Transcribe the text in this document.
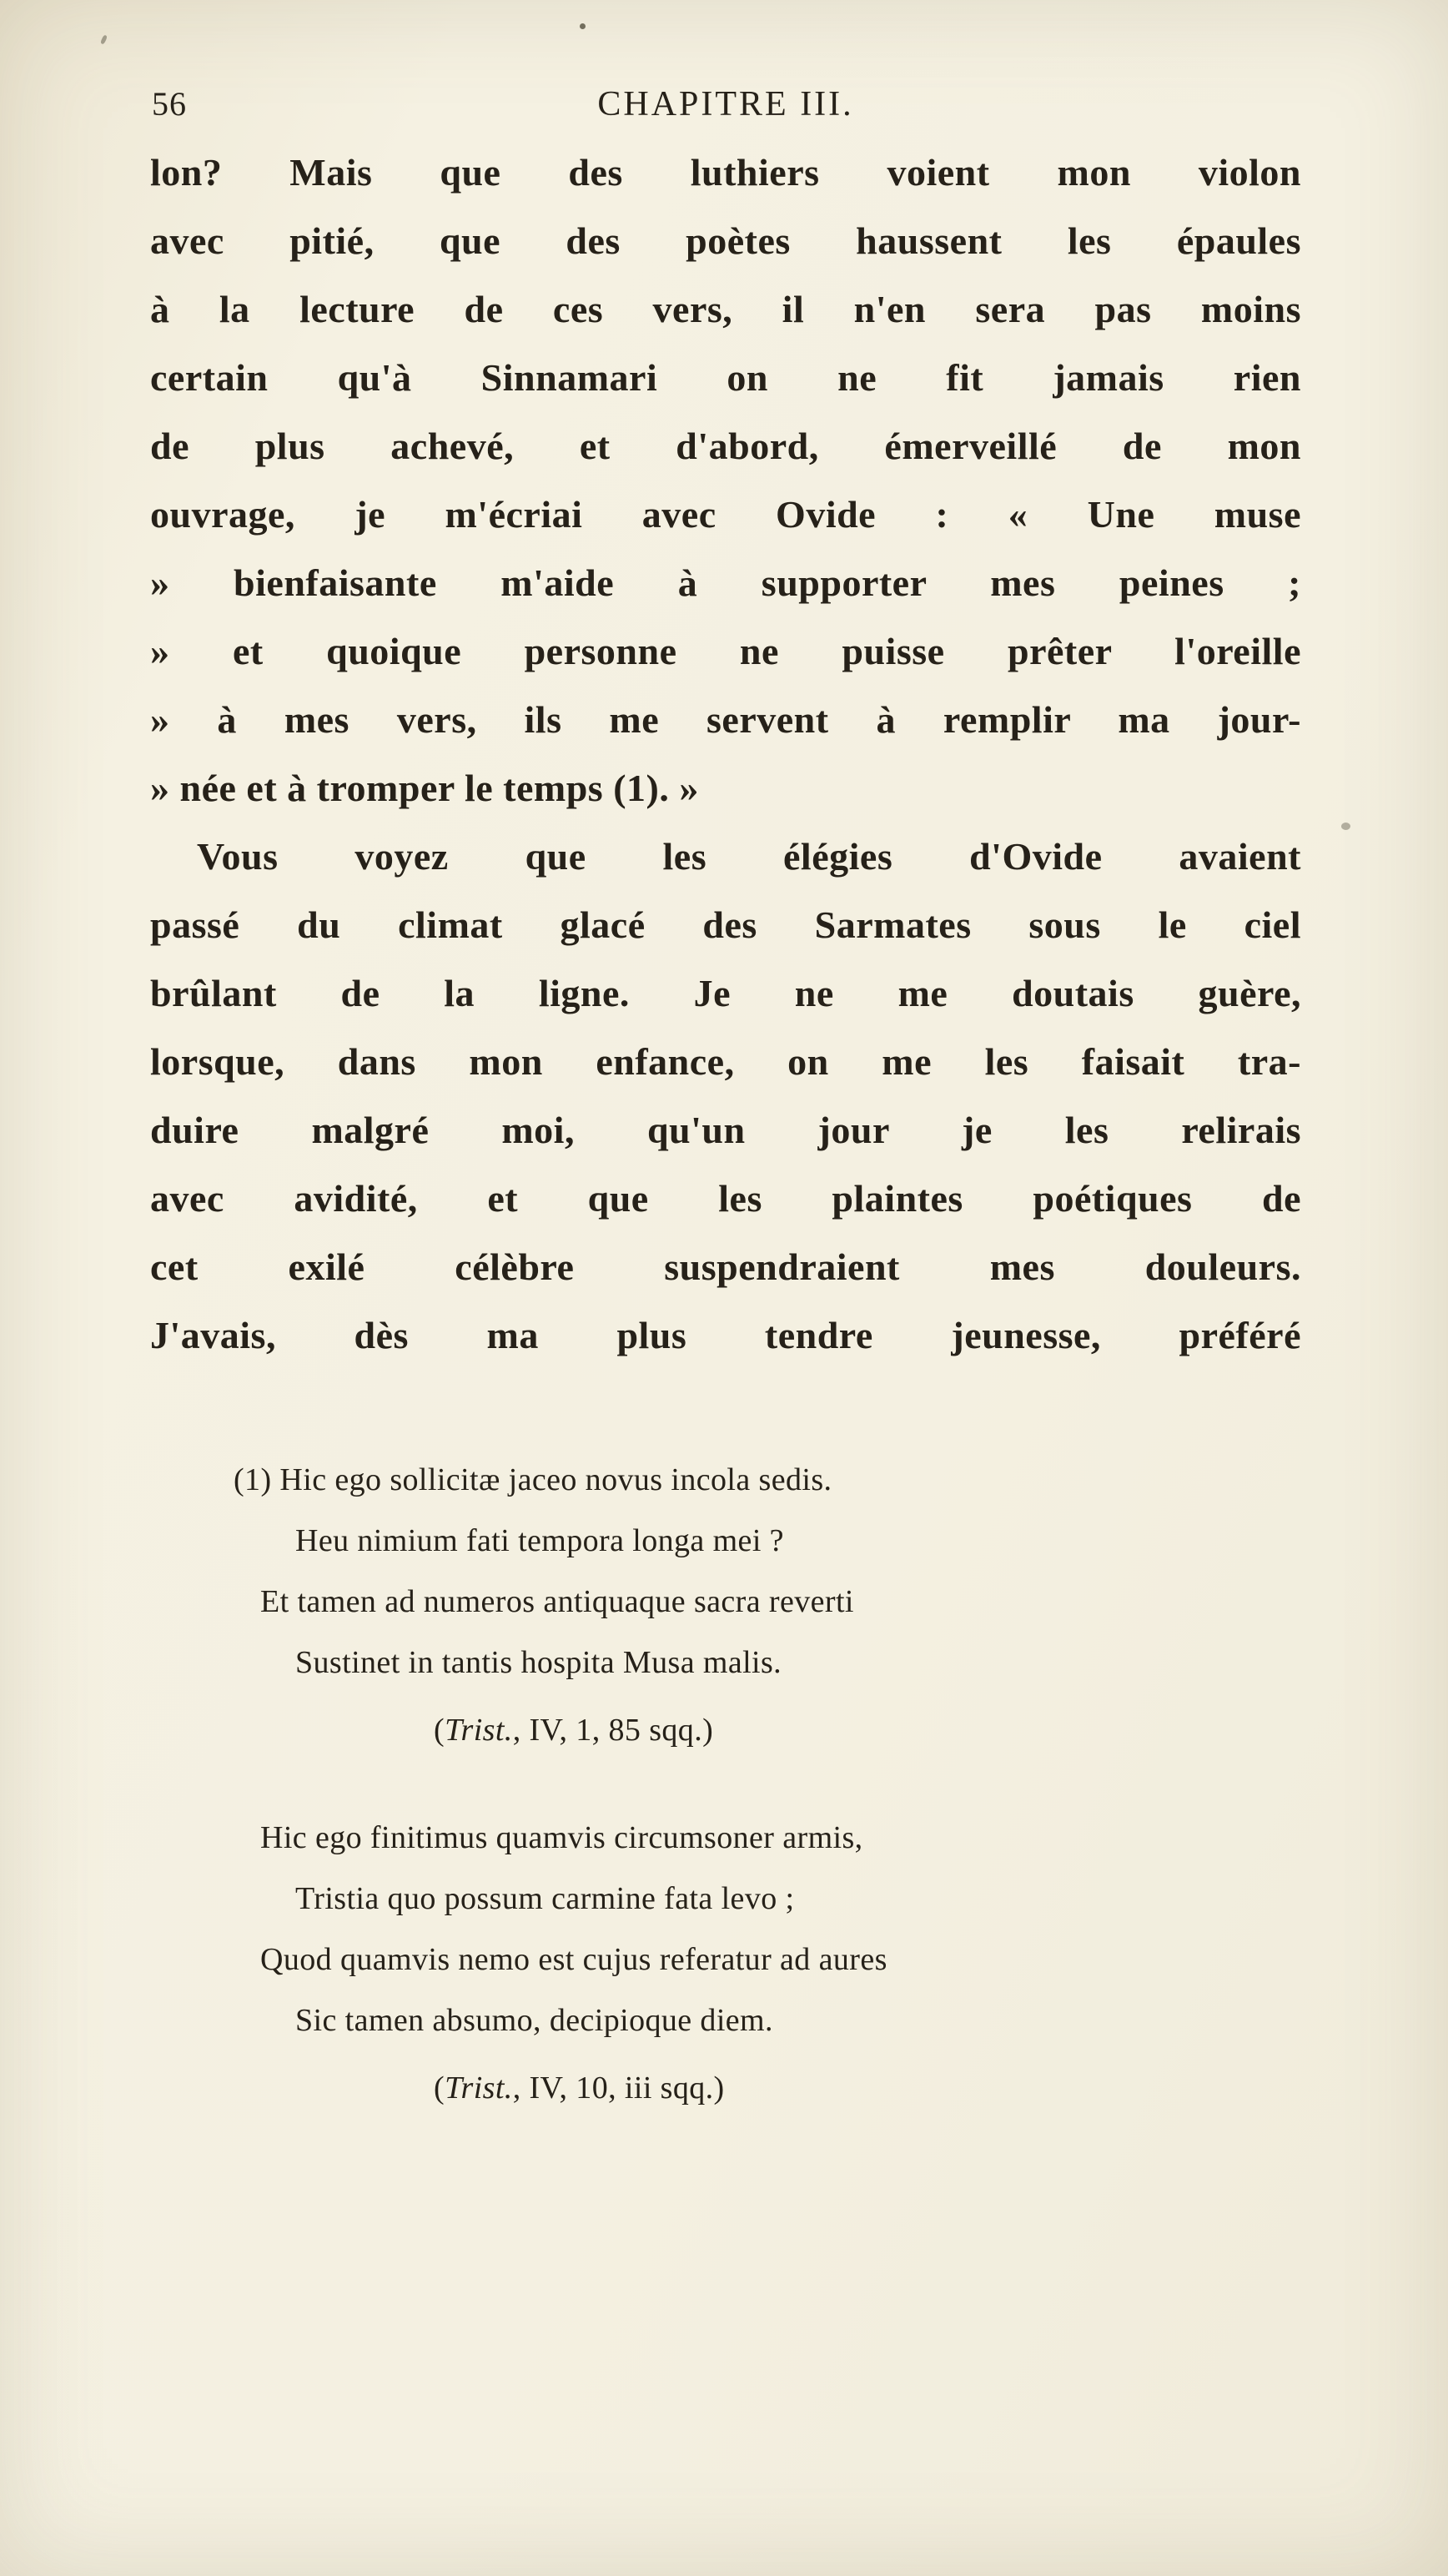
56	CHAPITRE III.
lon? Mais que des luthiers voient mon violon
avec pitié, que des poètes haussent les épaules
à la lecture de ces vers, il n'en sera pas moins
certain qu'à Sinnamari on ne fit jamais rien
de plus achevé, et d'abord, émerveillé de mon
ouvrage, je m'écriai avec Ovide : « Une muse
» bienfaisante m'aide à supporter mes peines ;
» et quoique personne ne puisse prêter l'oreille
» à mes vers, ils me servent à remplir ma jour-
» née et à tromper le temps (1). »
Vous voyez que les élégies d'Ovide avaient
passé du climat glacé des Sarmates sous le ciel
brûlant de la ligne. Je ne me doutais guère,
lorsque, dans mon enfance, on me les faisait tra-
duire malgré moi, qu'un jour je les relirais
avec avidité, et que les plaintes poétiques de
cet exilé célèbre suspendraient mes douleurs.
J'avais, dès ma plus tendre jeunesse, préféré
(1) Hic ego sollicitæ jaceo novus incola sedis.
Heu nimium fati tempora longa mei ?
Et tamen ad numeros antiquaque sacra reverti
Sustinet in tantis hospita Musa malis.
(Trist., IV, 1, 85 sqq.)
Hic ego finitimus quamvis circumsoner armis,
Tristia quo possum carmine fata levo ;
Quod quamvis nemo est cujus referatur ad aures
Sic tamen absumo, decipioque diem.
(Trist., IV, 10, iii sqq.)
